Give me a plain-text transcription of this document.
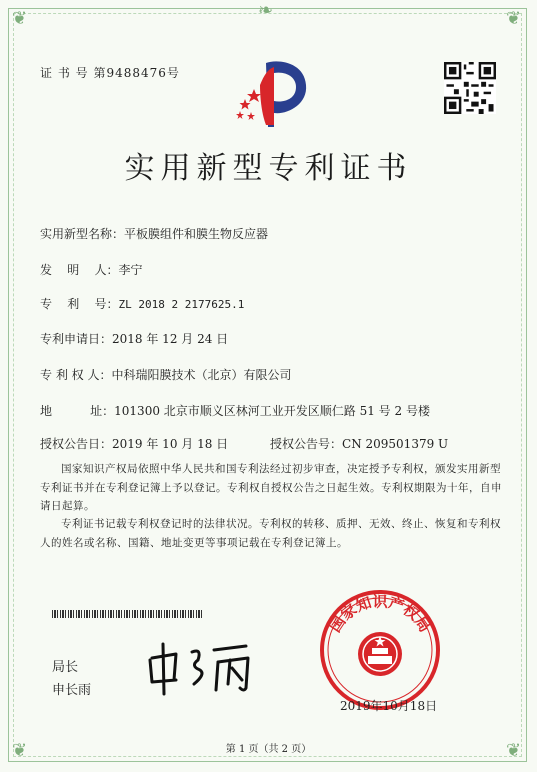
❦	❦
❦	❦
❧
证 书 号 第9488476号
实用新型专利证书
实用新型名称：平板膜组件和膜生物反应器
发    明    人：李宁
专    利    号：ZL 2018 2 2177625.1
专利申请日：2018 年 12 月 24 日
专 利 权 人：中科瑞阳膜技术（北京）有限公司
地          址：101300 北京市顺义区林河工业开发区顺仁路 51 号 2 号楼
授权公告日：2019 年 10 月 18 日	授权公告号：CN 209501379 U
国家知识产权局依照中华人民共和国专利法经过初步审查，决定授予专利权，颁发实用新型专利证书并在专利登记簿上予以登记。专利权自授权公告之日起生效。专利权期限为十年，自申请日起算。
专利证书记载专利权登记时的法律状况。专利权的转移、质押、无效、终止、恢复和专利权人的姓名或名称、国籍、地址变更等事项记载在专利登记簿上。
局长
申长雨
国家知识产权局
2019年10月18日
第 1 页（共 2 页）
